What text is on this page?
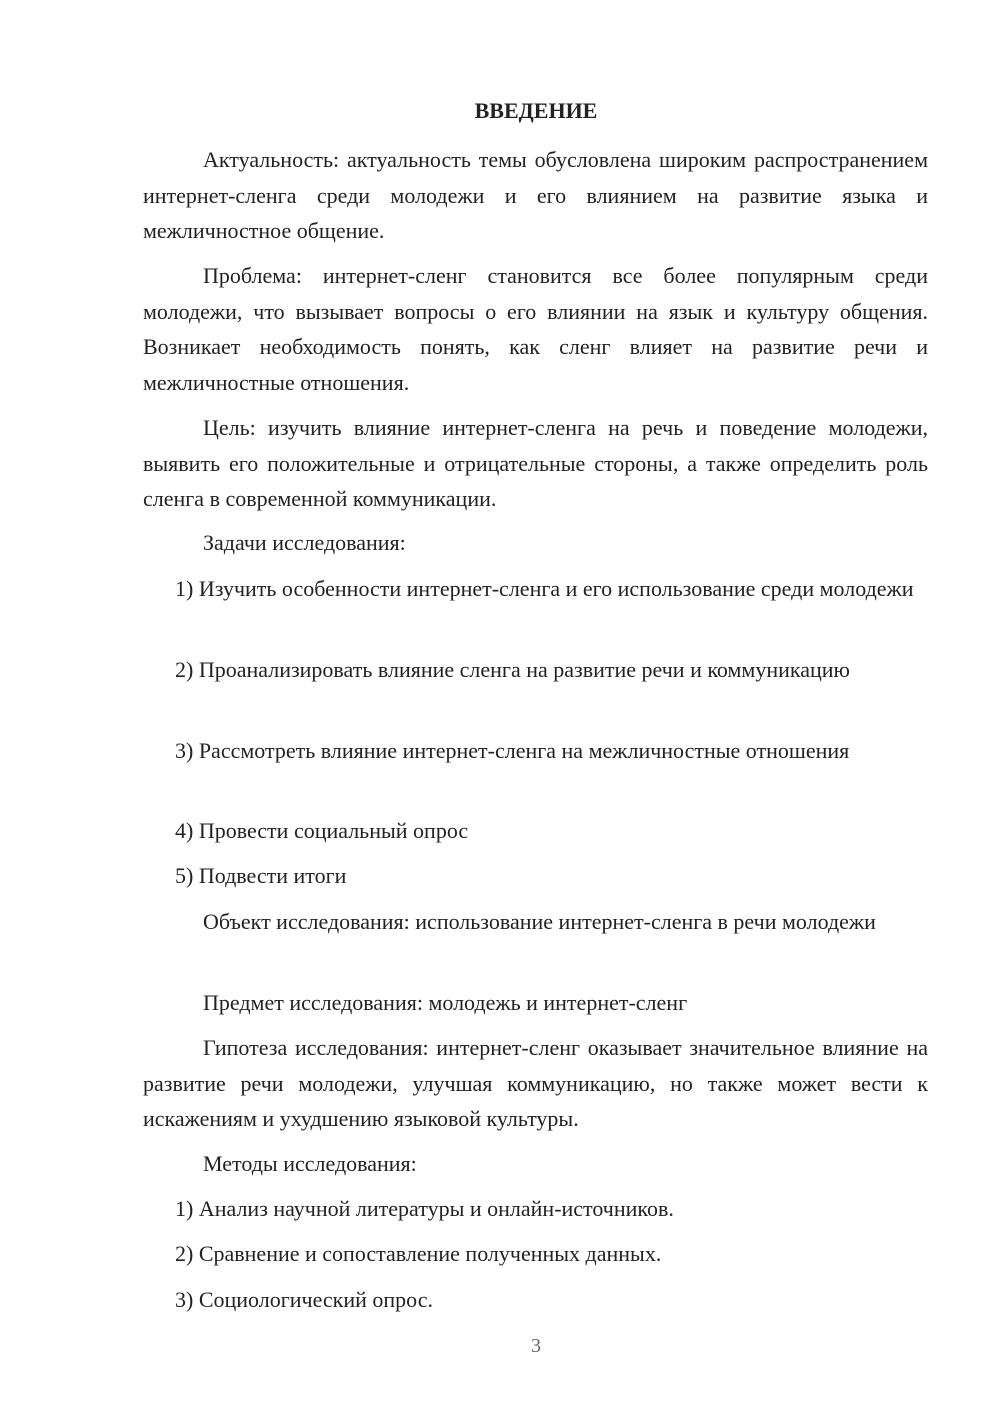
ВВЕДЕНИЕ

Актуальность: актуальность темы обусловлена широким распространением интернет-сленга среди молодежи и его влиянием на развитие языка и межличностное общение.

Проблема: интернет-сленг становится все более популярным среди молодежи, что вызывает вопросы о его влиянии на язык и культуру общения. Возникает необходимость понять, как сленг влияет на развитие речи и межличностные отношения.

Цель: изучить влияние интернет-сленга на речь и поведение молодежи, выявить его положительные и отрицательные стороны, а также определить роль сленга в современной коммуникации.

Задачи исследования:

1) Изучить особенности интернет-сленга и его использование среди молодежи

2) Проанализировать влияние сленга на развитие речи и коммуникацию

3) Рассмотреть влияние интернет-сленга на межличностные отношения

4) Провести социальный опрос

5) Подвести итоги

Объект исследования: использование интернет-сленга в речи молодежи

Предмет исследования: молодежь и интернет-сленг

Гипотеза исследования: интернет-сленг оказывает значительное влияние на развитие речи молодежи, улучшая коммуникацию, но также может вести к искажениям и ухудшению языковой культуры.

Методы исследования:

1) Анализ научной литературы и онлайн-источников.

2) Сравнение и сопоставление полученных данных.

3) Социологический опрос.

3
